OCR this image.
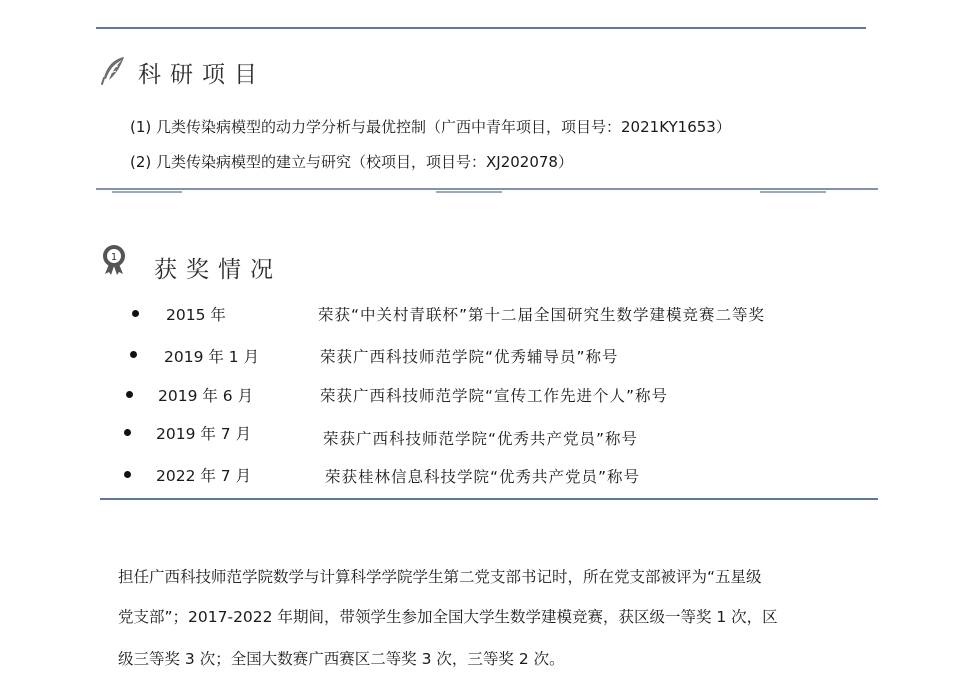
科研项目
(1) 几类传染病模型的动力学分析与最优控制（广西中青年项目，项目号：2021KY1653）
(2) 几类传染病模型的建立与研究（校项目，项目号：XJ202078）
1 获奖情况
2015 年	荣获“中关村青联杯”第十二届全国研究生数学建模竞赛二等奖
2019 年 1 月	荣获广西科技师范学院“优秀辅导员”称号
2019 年 6 月	荣获广西科技师范学院“宣传工作先进个人”称号
2019 年 7 月	荣获广西科技师范学院“优秀共产党员”称号
2022 年 7 月	荣获桂林信息科技学院“优秀共产党员”称号
担任广西科技师范学院数学与计算科学学院学生第二党支部书记时，所在党支部被评为“五星级
党支部”；2017-2022 年期间，带领学生参加全国大学生数学建模竞赛，获区级一等奖 1 次，区
级三等奖 3 次；全国大数赛广西赛区二等奖 3 次，三等奖 2 次。
